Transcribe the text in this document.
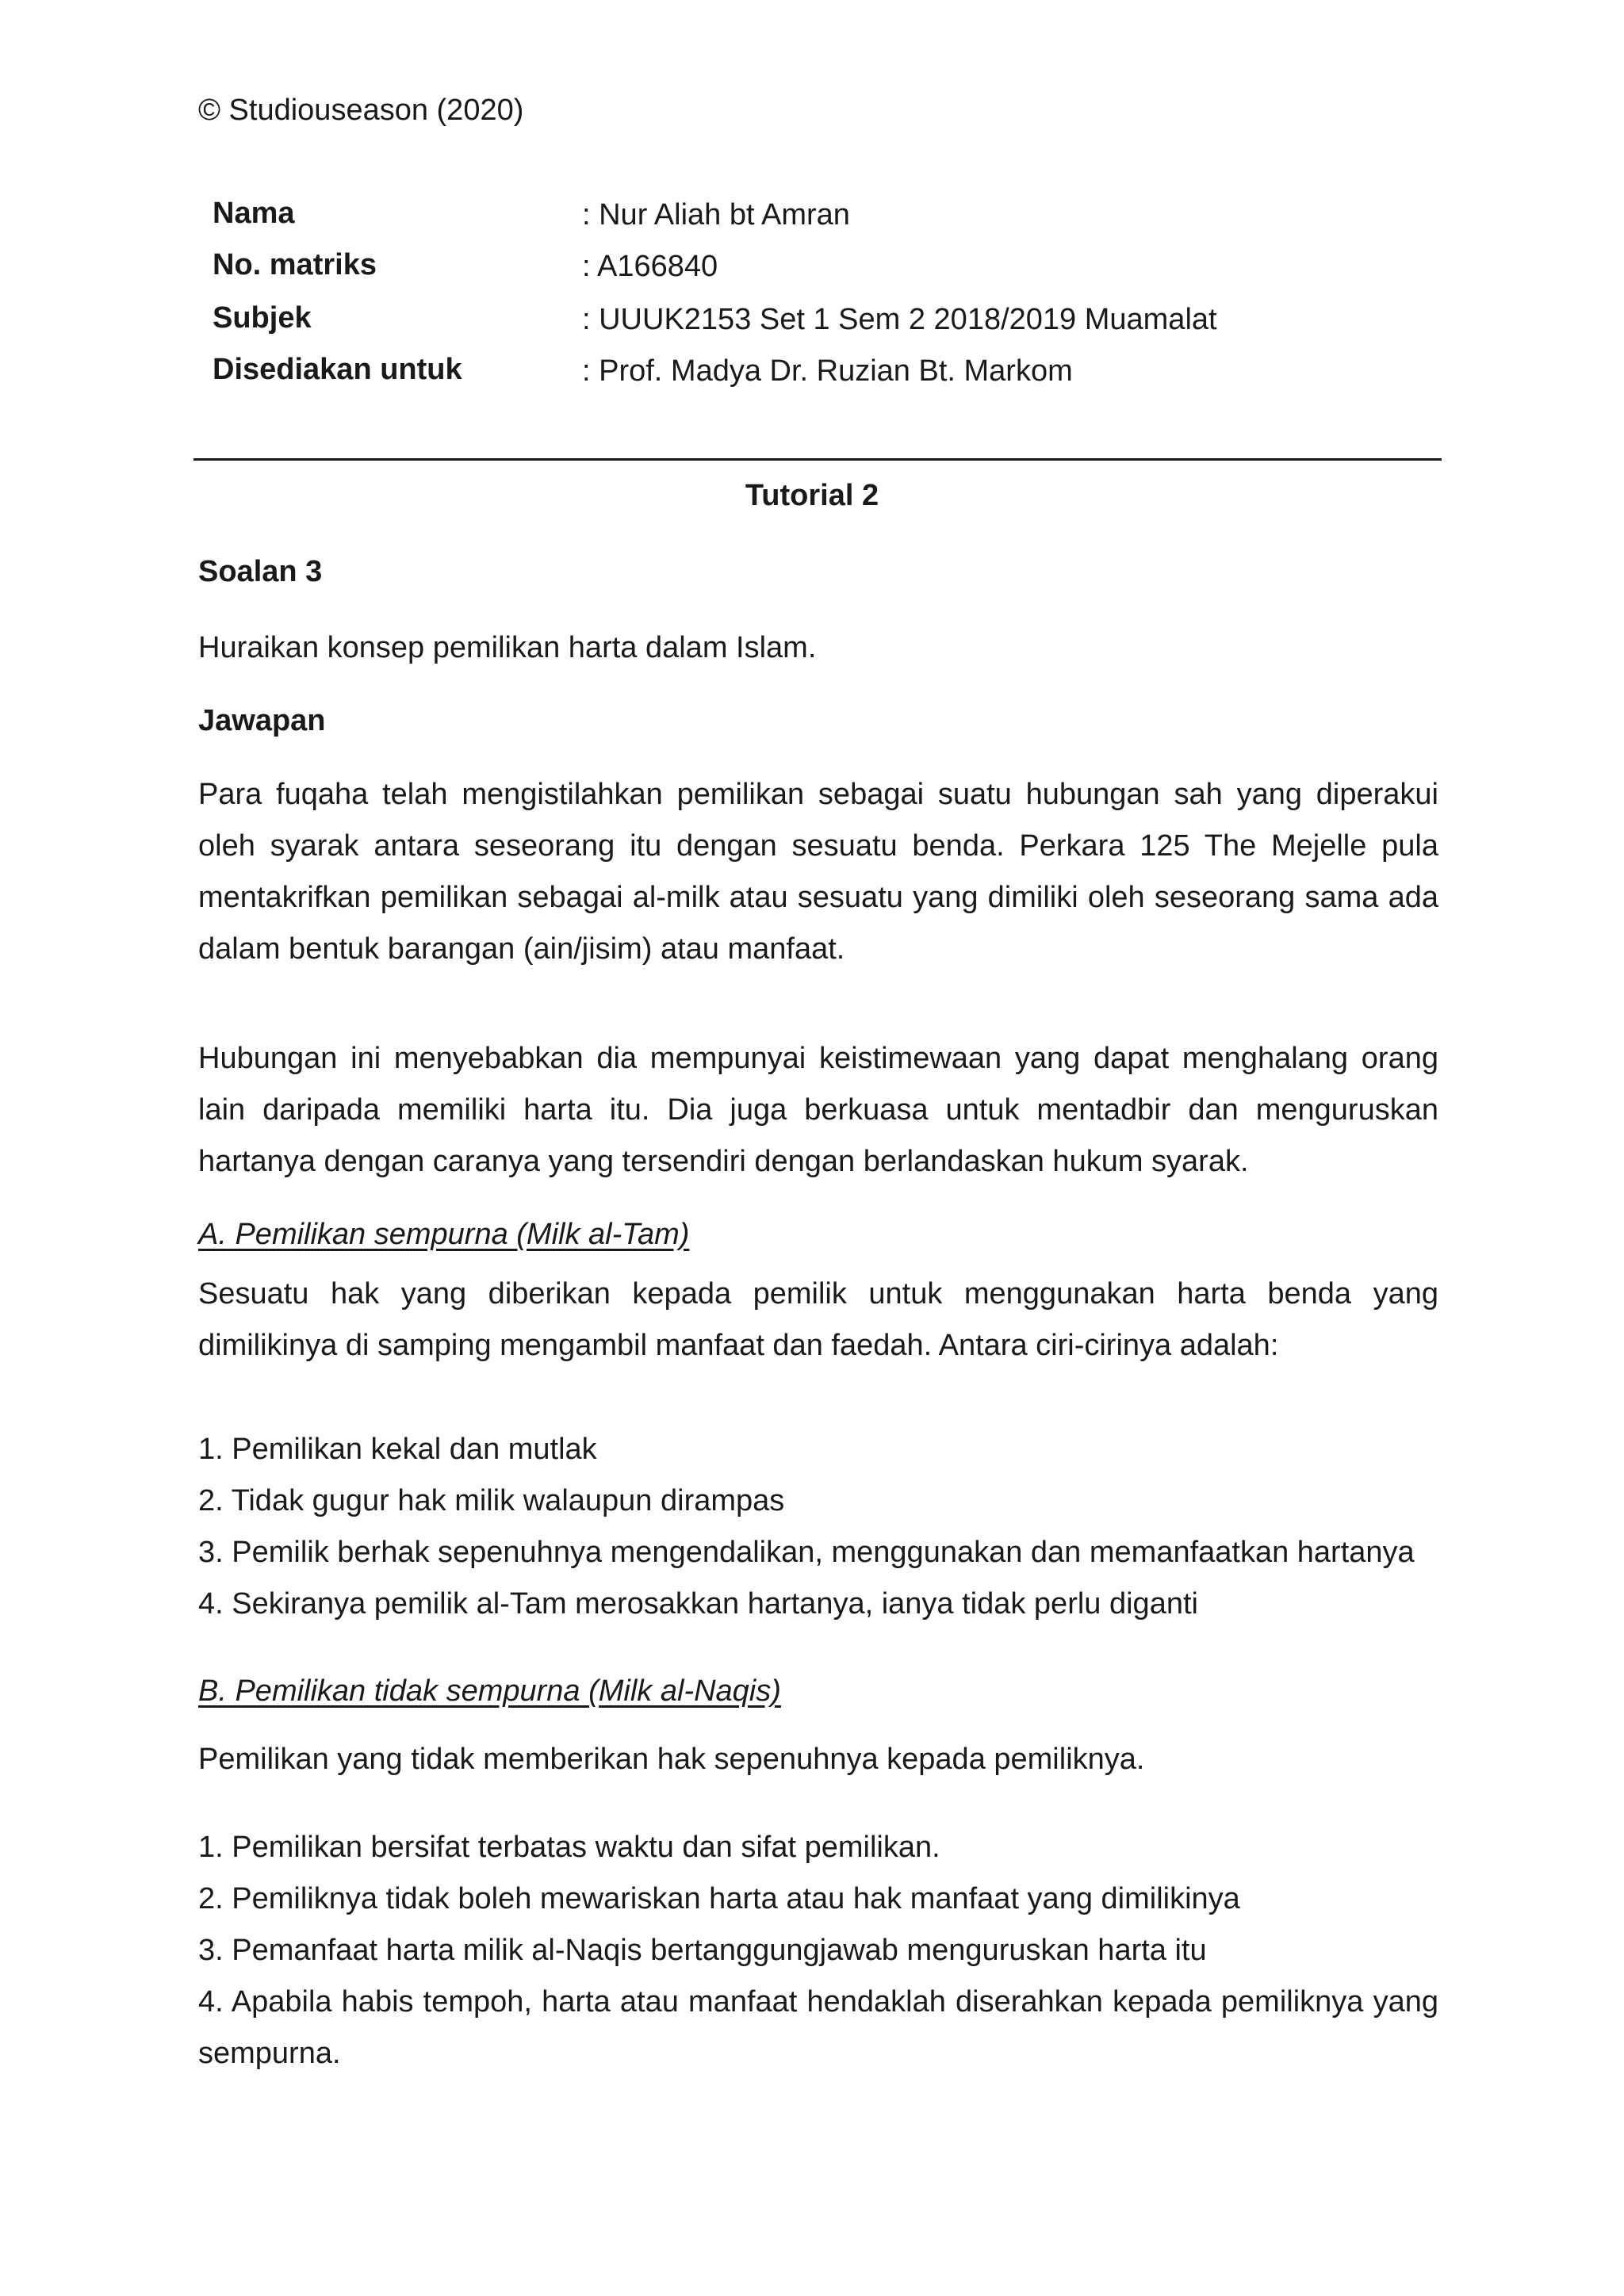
© Studiouseason (2020)
Nama	: Nur Aliah bt Amran
No. matriks	: A166840
Subjek	: UUUK2153 Set 1 Sem 2 2018/2019 Muamalat
Disediakan untuk	: Prof. Madya Dr. Ruzian Bt. Markom
Tutorial 2
Soalan 3
Huraikan konsep pemilikan harta dalam Islam.
Jawapan
Para fuqaha telah mengistilahkan pemilikan sebagai suatu hubungan sah yang diperakui oleh syarak antara seseorang itu dengan sesuatu benda. Perkara 125 The Mejelle pula mentakrifkan pemilikan sebagai al-milk atau sesuatu yang dimiliki oleh seseorang sama ada dalam bentuk barangan (ain/jisim) atau manfaat.
Hubungan ini menyebabkan dia mempunyai keistimewaan yang dapat menghalang orang lain daripada memiliki harta itu. Dia juga berkuasa untuk mentadbir dan menguruskan hartanya dengan caranya yang tersendiri dengan berlandaskan hukum syarak.
A. Pemilikan sempurna (Milk al-Tam)
Sesuatu hak yang diberikan kepada pemilik untuk menggunakan harta benda yang dimilikinya di samping mengambil manfaat dan faedah. Antara ciri-cirinya adalah:
1. Pemilikan kekal dan mutlak
2. Tidak gugur hak milik walaupun dirampas
3. Pemilik berhak sepenuhnya mengendalikan, menggunakan dan memanfaatkan hartanya
4. Sekiranya pemilik al-Tam merosakkan hartanya, ianya tidak perlu diganti
B. Pemilikan tidak sempurna (Milk al-Naqis)
Pemilikan yang tidak memberikan hak sepenuhnya kepada pemiliknya.
1. Pemilikan bersifat terbatas waktu dan sifat pemilikan.
2. Pemiliknya tidak boleh mewariskan harta atau hak manfaat yang dimilikinya
3. Pemanfaat harta milik al-Naqis bertanggungjawab menguruskan harta itu
4. Apabila habis tempoh, harta atau manfaat hendaklah diserahkan kepada pemiliknya yang sempurna.
